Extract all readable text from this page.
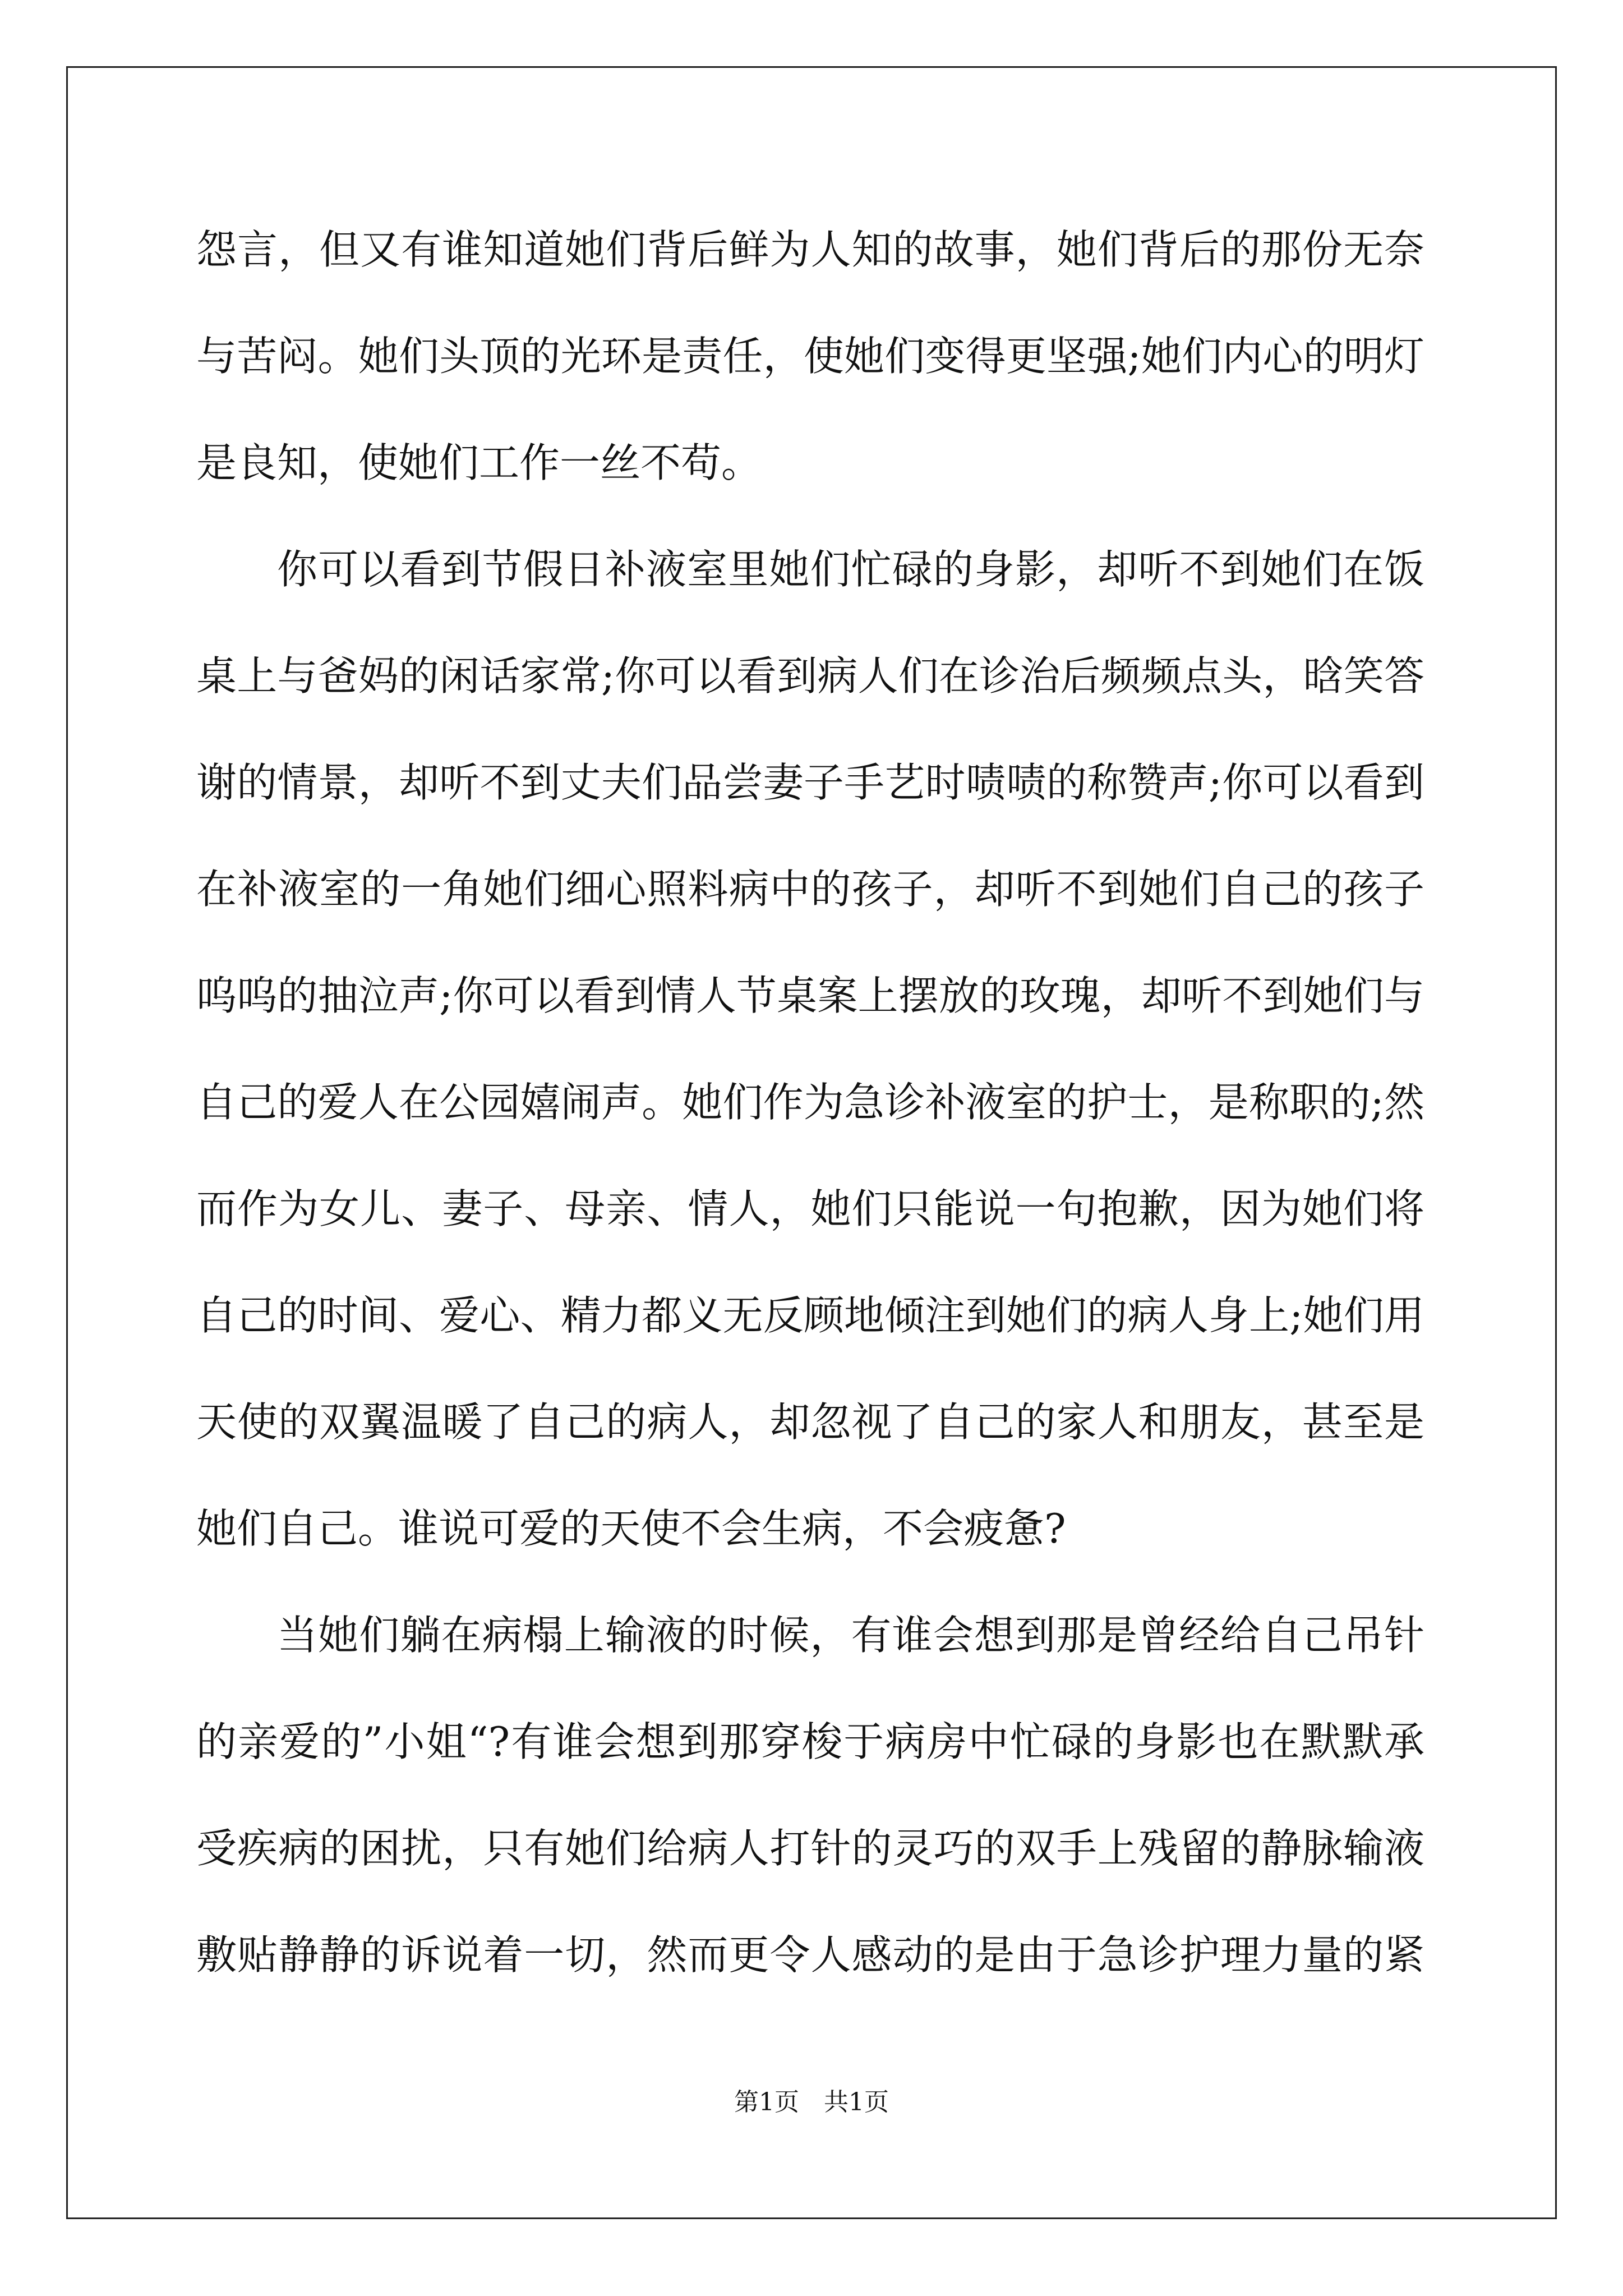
怨言，但又有谁知道她们背后鲜为人知的故事，她们背后的那份无奈
与苦闷。她们头顶的光环是责任，使她们变得更坚强;她们内心的明灯
是良知，使她们工作一丝不苟。
你可以看到节假日补液室里她们忙碌的身影，却听不到她们在饭
桌上与爸妈的闲话家常;你可以看到病人们在诊治后频频点头，晗笑答
谢的情景，却听不到丈夫们品尝妻子手艺时啧啧的称赞声;你可以看到
在补液室的一角她们细心照料病中的孩子，却听不到她们自己的孩子
呜呜的抽泣声;你可以看到情人节桌案上摆放的玫瑰，却听不到她们与
自己的爱人在公园嬉闹声。她们作为急诊补液室的护士，是称职的;然
而作为女儿、妻子、母亲、情人，她们只能说一句抱歉，因为她们将
自己的时间、爱心、精力都义无反顾地倾注到她们的病人身上;她们用
天使的双翼温暖了自己的病人，却忽视了自己的家人和朋友，甚至是
她们自己。谁说可爱的天使不会生病，不会疲惫?
当她们躺在病榻上输液的时候，有谁会想到那是曾经给自己吊针
的亲爱的”小姐“?有谁会想到那穿梭于病房中忙碌的身影也在默默承
受疾病的困扰，只有她们给病人打针的灵巧的双手上残留的静脉输液
敷贴静静的诉说着一切，然而更令人感动的是由于急诊护理力量的紧
第1页　共1页
